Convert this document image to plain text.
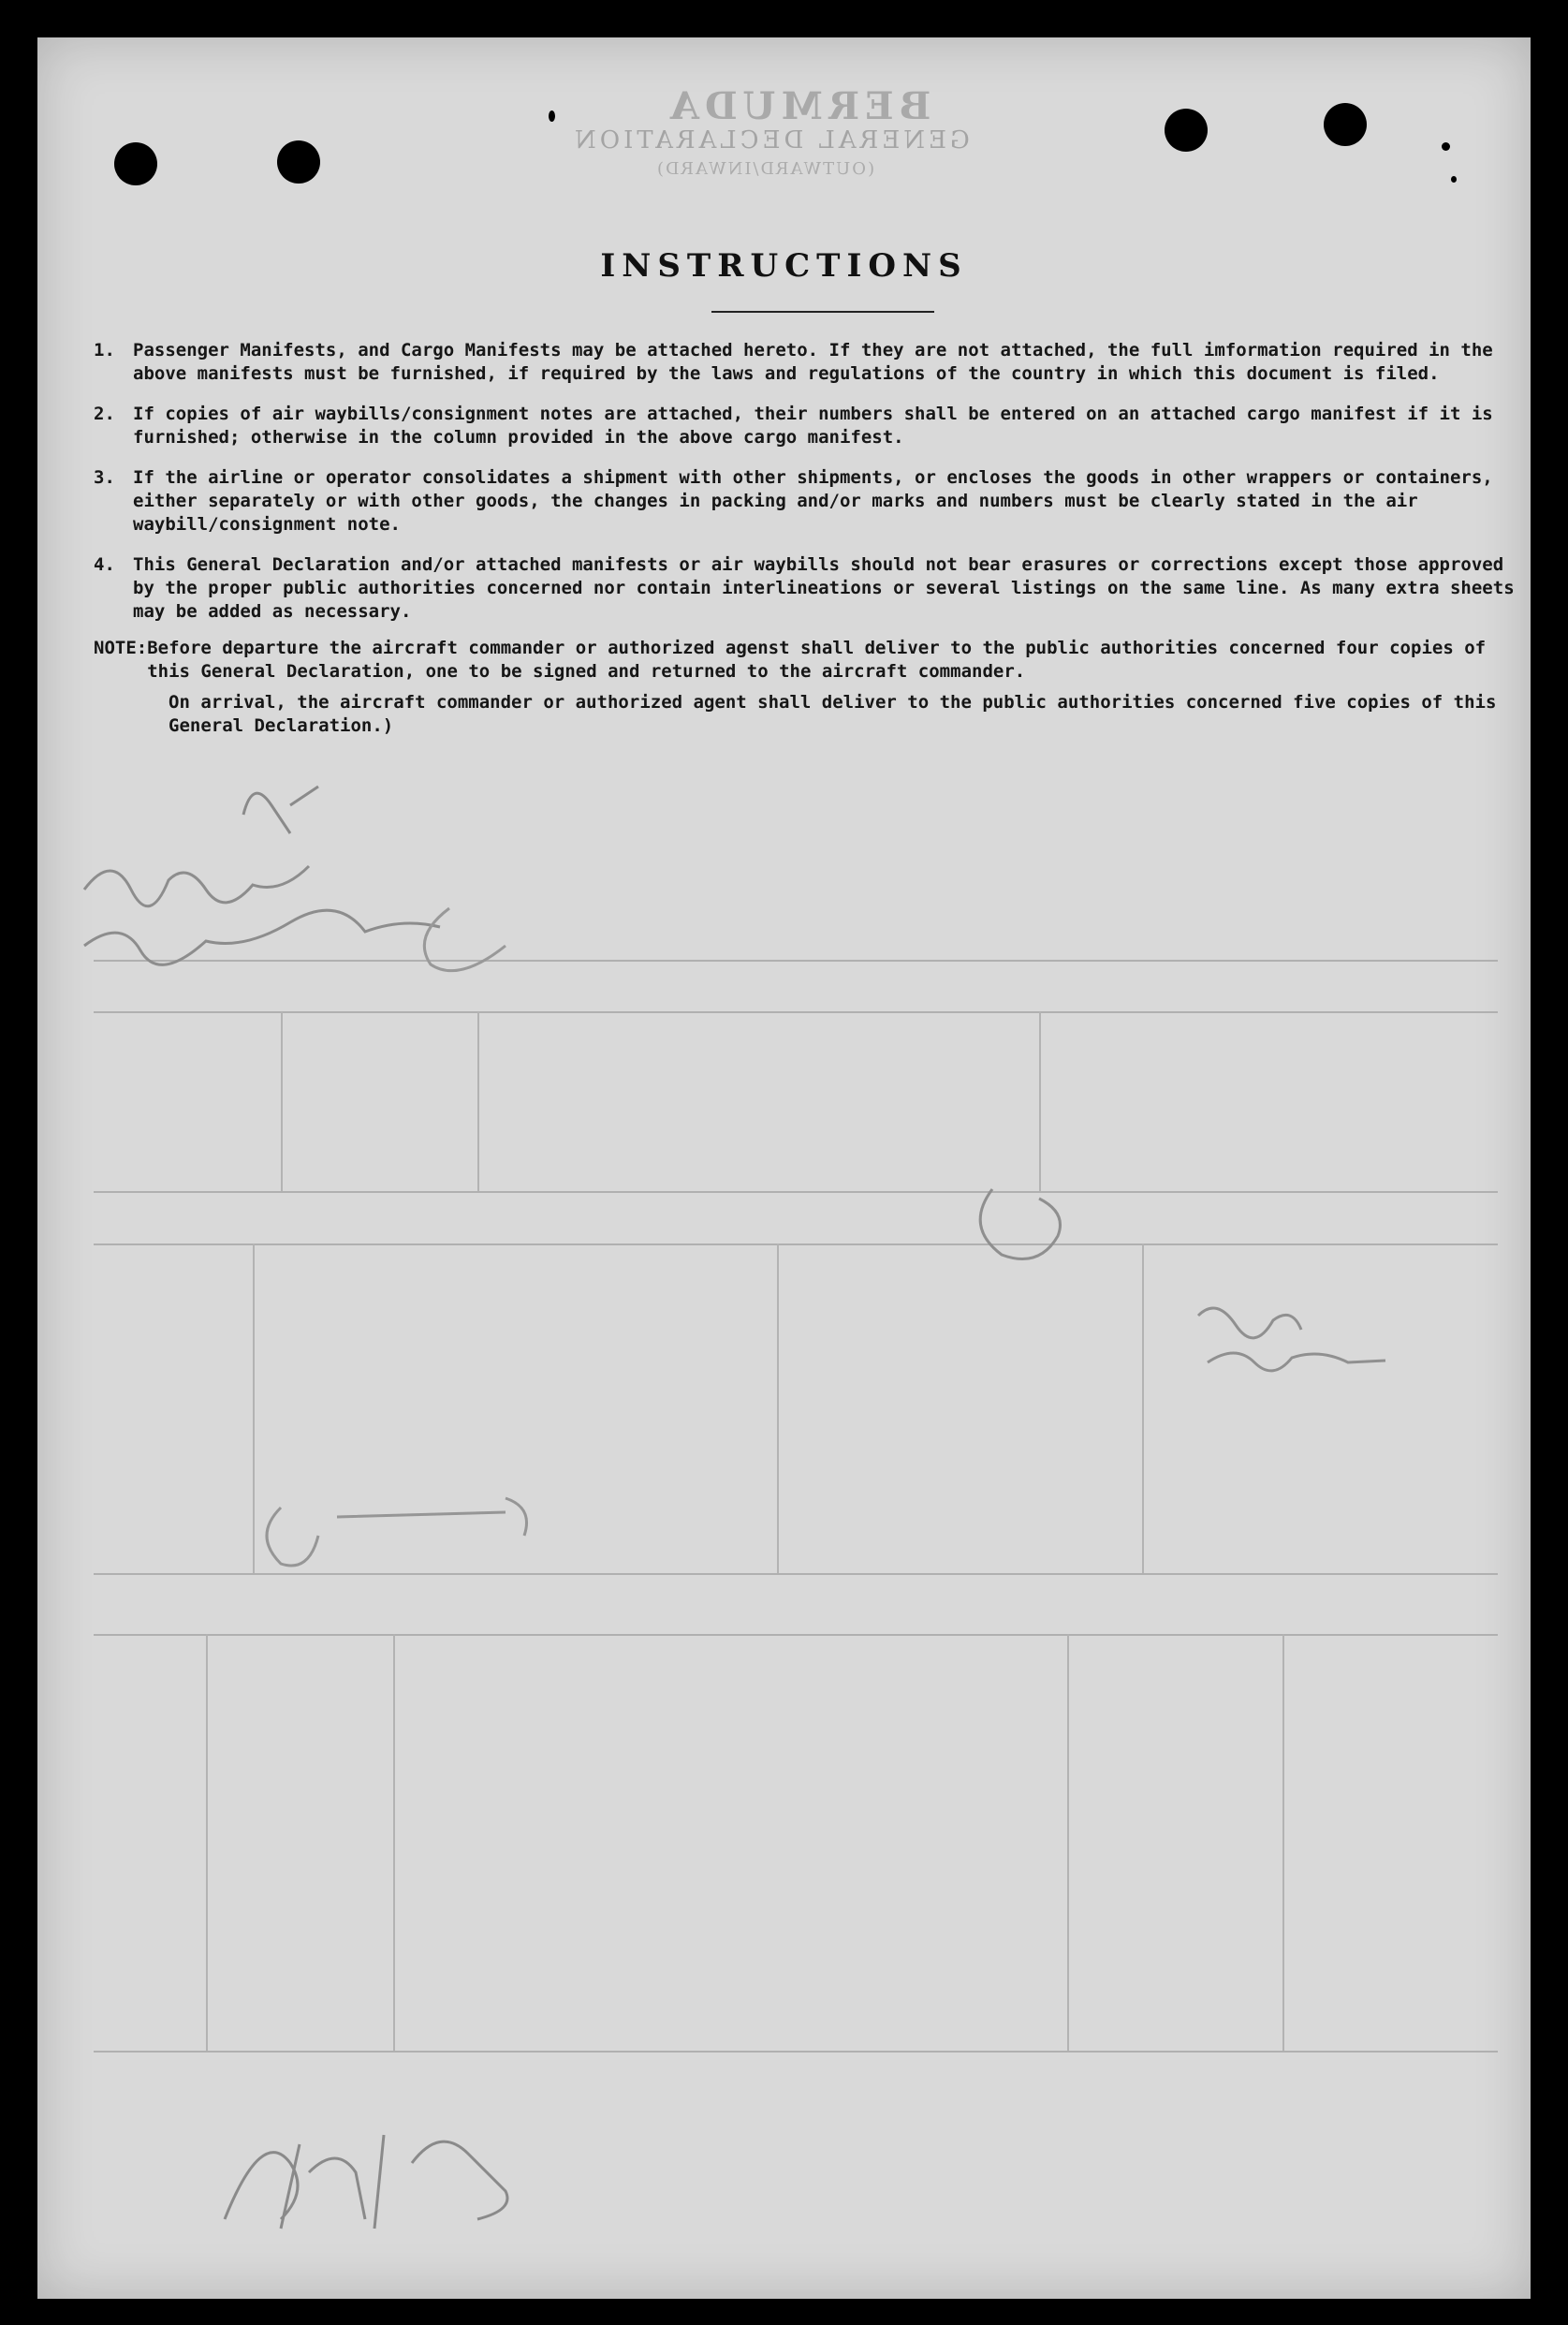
BERMUDA
GENERAL DECLARATION
(OUTWARD/INWARD)
INSTRUCTIONS
1.	Passenger Manifests, and Cargo Manifests may be attached hereto. If they are not attached, the full imformation required in the above manifests must be furnished, if required by the laws and regulations of the country in which this document is filed.
2.	If copies of air waybills/consignment notes are attached, their numbers shall be entered on an attached cargo manifest if it is furnished; otherwise in the column provided in the above cargo manifest.
3.	If the airline or operator consolidates a shipment with other shipments, or encloses the goods in other wrappers or containers, either separately or with other goods, the changes in packing and/or marks and numbers must be clearly stated in the air waybill/consignment note.
4.	This General Declaration and/or attached manifests or air waybills should not bear erasures or corrections except those approved by the proper public authorities concerned nor contain interlineations or several listings on the same line. As many extra sheets may be added as necessary.
NOTE: Before departure the aircraft commander or authorized agenst shall deliver to the public authorities concerned four copies of this General Declaration, one to be signed and returned to the aircraft commander.

On arrival, the aircraft commander or authorized agent shall deliver to the public authorities concerned five copies of this General Declaration.)
